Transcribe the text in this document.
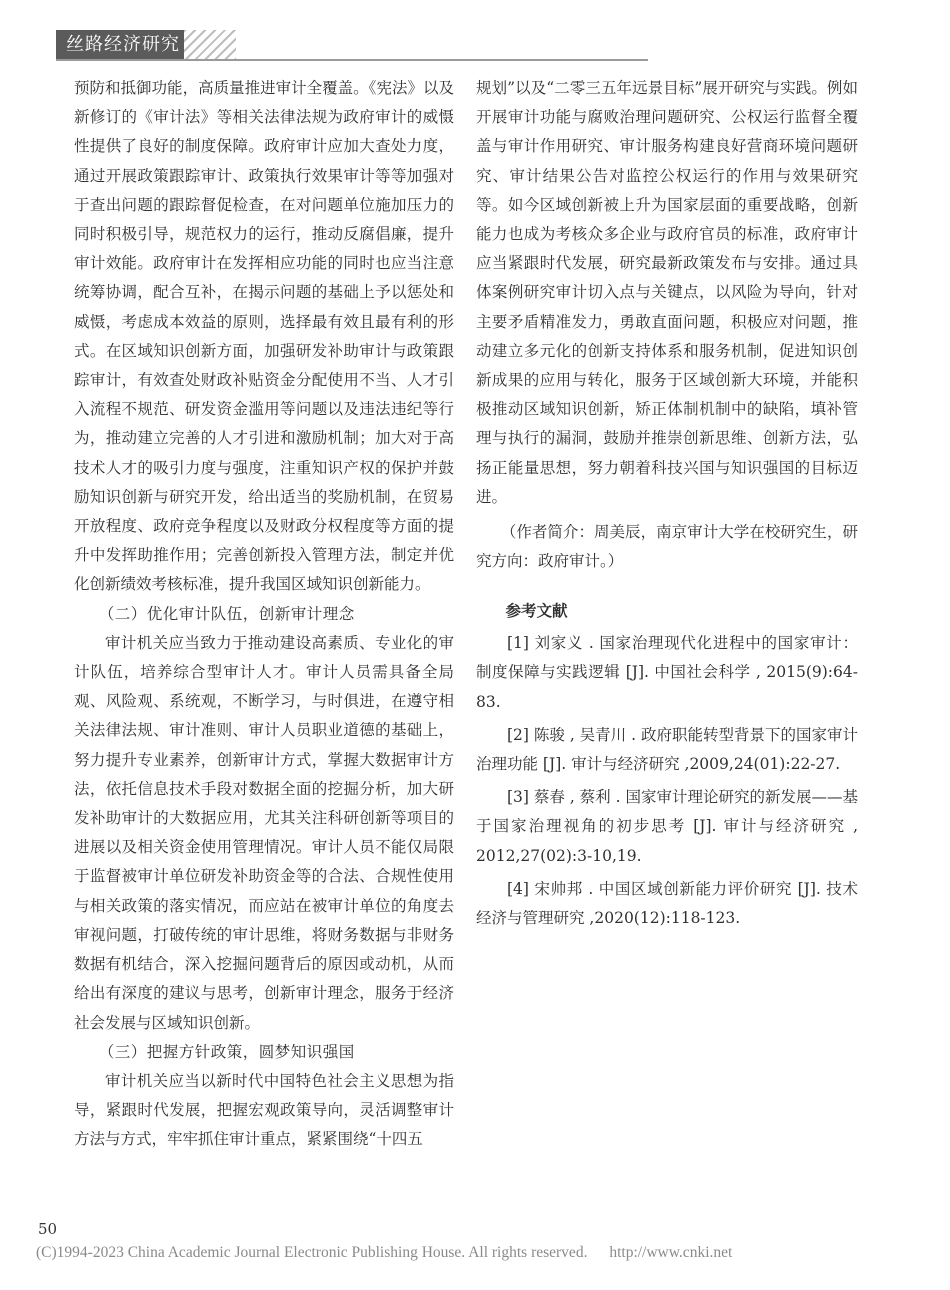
丝路经济研究

预防和抵御功能，高质量推进审计全覆盖。《宪法》以及新修订的《审计法》等相关法律法规为政府审计的威慑性提供了良好的制度保障。政府审计应加大查处力度，通过开展政策跟踪审计、政策执行效果审计等等加强对于查出问题的跟踪督促检查，在对问题单位施加压力的同时积极引导，规范权力的运行，推动反腐倡廉，提升审计效能。政府审计在发挥相应功能的同时也应当注意统筹协调，配合互补，在揭示问题的基础上予以惩处和威慑，考虑成本效益的原则，选择最有效且最有利的形式。在区域知识创新方面，加强研发补助审计与政策跟踪审计，有效查处财政补贴资金分配使用不当、人才引入流程不规范、研发资金滥用等问题以及违法违纪等行为，推动建立完善的人才引进和激励机制；加大对于高技术人才的吸引力度与强度，注重知识产权的保护并鼓励知识创新与研究开发，给出适当的奖励机制，在贸易开放程度、政府竞争程度以及财政分权程度等方面的提升中发挥助推作用；完善创新投入管理方法，制定并优化创新绩效考核标准，提升我国区域知识创新能力。

（二）优化审计队伍，创新审计理念

审计机关应当致力于推动建设高素质、专业化的审计队伍，培养综合型审计人才。审计人员需具备全局观、风险观、系统观，不断学习，与时俱进，在遵守相关法律法规、审计准则、审计人员职业道德的基础上，努力提升专业素养，创新审计方式，掌握大数据审计方法，依托信息技术手段对数据全面的挖掘分析，加大研发补助审计的大数据应用，尤其关注科研创新等项目的进展以及相关资金使用管理情况。审计人员不能仅局限于监督被审计单位研发补助资金等的合法、合规性使用与相关政策的落实情况，而应站在被审计单位的角度去审视问题，打破传统的审计思维，将财务数据与非财务数据有机结合，深入挖掘问题背后的原因或动机，从而给出有深度的建议与思考，创新审计理念，服务于经济社会发展与区域知识创新。

（三）把握方针政策，圆梦知识强国

审计机关应当以新时代中国特色社会主义思想为指导，紧跟时代发展，把握宏观政策导向，灵活调整审计方法与方式，牢牢抓住审计重点，紧紧围绕“十四五

规划”以及“二零三五年远景目标”展开研究与实践。例如开展审计功能与腐败治理问题研究、公权运行监督全覆盖与审计作用研究、审计服务构建良好营商环境问题研究、审计结果公告对监控公权运行的作用与效果研究等。如今区域创新被上升为国家层面的重要战略，创新能力也成为考核众多企业与政府官员的标准，政府审计应当紧跟时代发展，研究最新政策发布与安排。通过具体案例研究审计切入点与关键点，以风险为导向，针对主要矛盾精准发力，勇敢直面问题，积极应对问题，推动建立多元化的创新支持体系和服务机制，促进知识创新成果的应用与转化，服务于区域创新大环境，并能积极推动区域知识创新，矫正体制机制中的缺陷，填补管理与执行的漏洞，鼓励并推崇创新思维、创新方法，弘扬正能量思想，努力朝着科技兴国与知识强国的目标迈进。

（作者简介：周美辰，南京审计大学在校研究生，研究方向：政府审计。）

参考文献

[1] 刘家义 . 国家治理现代化进程中的国家审计：制度保障与实践逻辑 [J]. 中国社会科学 , 2015(9):64-83.

[2] 陈骏 , 吴青川 . 政府职能转型背景下的国家审计治理功能 [J]. 审计与经济研究 ,2009,24(01):22-27.

[3] 蔡春 , 蔡利 . 国家审计理论研究的新发展——基于国家治理视角的初步思考 [J]. 审计与经济研究 , 2012,27(02):3-10,19.

[4] 宋帅邦 . 中国区域创新能力评价研究 [J]. 技术经济与管理研究 ,2020(12):118-123.

50
(C)1994-2023 China Academic Journal Electronic Publishing House. All rights reserved. http://www.cnki.net
